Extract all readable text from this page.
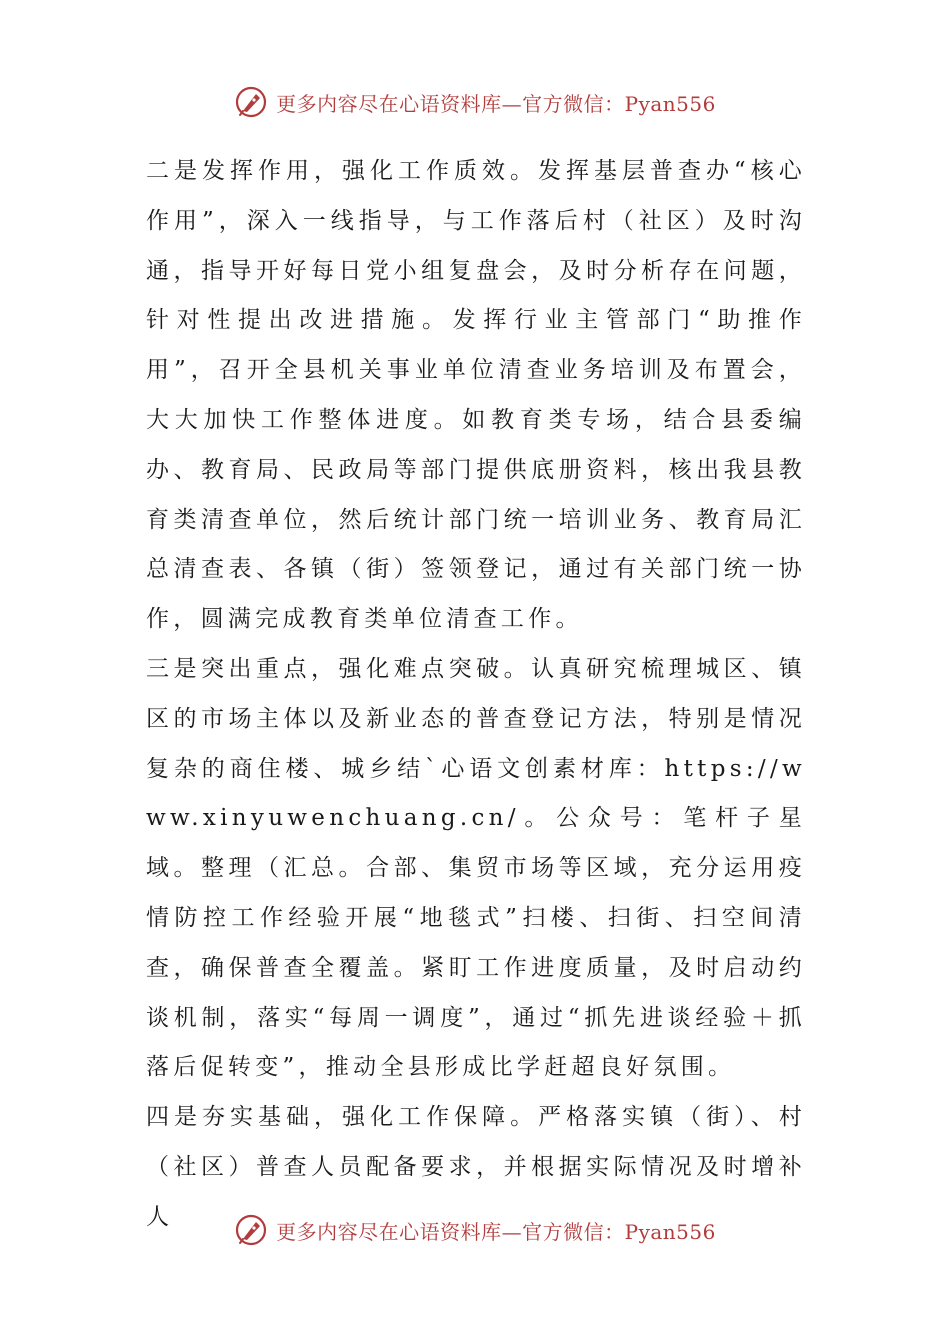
更多内容尽在心语资料库—官方微信：Pyan556

二是发挥作用，强化工作质效。发挥基层普查办“核心作用”，深入一线指导，与工作落后村（社区）及时沟通，指导开好每日党小组复盘会，及时分析存在问题，针对性提出改进措施。发挥行业主管部门“助推作用”，召开全县机关事业单位清查业务培训及布置会，大大加快工作整体进度。如教育类专场，结合县委编办、教育局、民政局等部门提供底册资料，核出我县教育类清查单位，然后统计部门统一培训业务、教育局汇总清查表、各镇（街）签领登记，通过有关部门统一协作，圆满完成教育类单位清查工作。

三是突出重点，强化难点突破。认真研究梳理城区、镇区的市场主体以及新业态的普查登记方法，特别是情况复杂的商住楼、城乡结`心语文创素材库：https://www.xinyuwenchuang.cn/。公众号：笔杆子星域。整理（汇总。合部、集贸市场等区域，充分运用疫情防控工作经验开展“地毯式”扫楼、扫街、扫空间清查，确保普查全覆盖。紧盯工作进度质量，及时启动约谈机制，落实“每周一调度”，通过“抓先进谈经验＋抓落后促转变”，推动全县形成比学赶超良好氛围。

四是夯实基础，强化工作保障。严格落实镇（街）、村（社区）普查人员配备要求，并根据实际情况及时增补人

更多内容尽在心语资料库—官方微信：Pyan556
